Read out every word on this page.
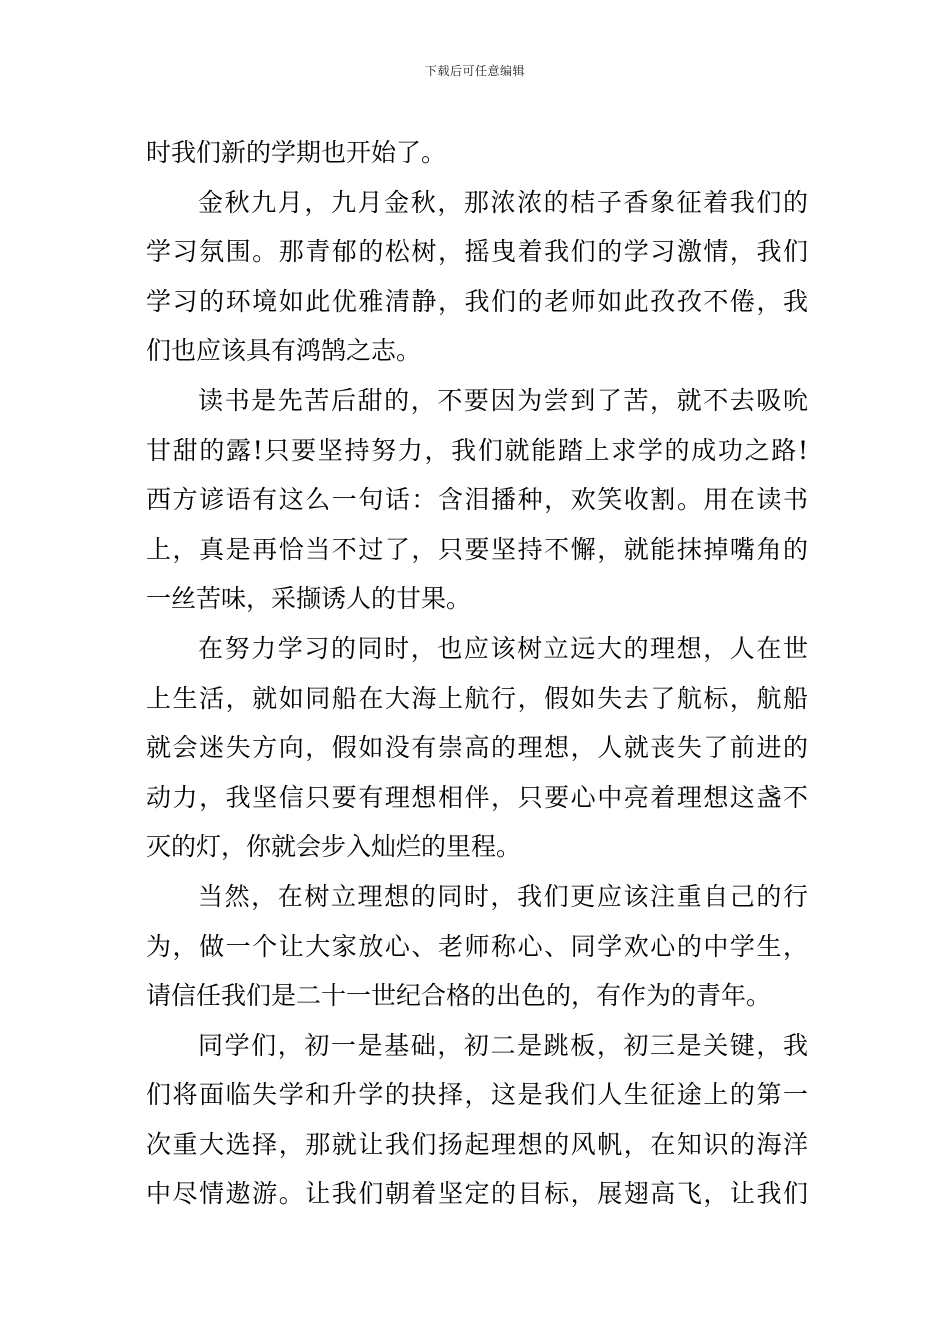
下载后可任意编辑
时我们新的学期也开始了。
金秋九月，九月金秋，那浓浓的桔子香象征着我们的
学习氛围。那青郁的松树，摇曳着我们的学习激情，我们
学习的环境如此优雅清静，我们的老师如此孜孜不倦，我
们也应该具有鸿鹄之志。
读书是先苦后甜的，不要因为尝到了苦，就不去吸吮
甘甜的露!只要坚持努力，我们就能踏上求学的成功之路!
西方谚语有这么一句话：含泪播种，欢笑收割。用在读书
上，真是再恰当不过了，只要坚持不懈，就能抹掉嘴角的
一丝苦味，采撷诱人的甘果。
在努力学习的同时，也应该树立远大的理想，人在世
上生活，就如同船在大海上航行，假如失去了航标，航船
就会迷失方向，假如没有崇高的理想，人就丧失了前进的
动力，我坚信只要有理想相伴，只要心中亮着理想这盏不
灭的灯，你就会步入灿烂的里程。
当然，在树立理想的同时，我们更应该注重自己的行
为，做一个让大家放心、老师称心、同学欢心的中学生，
请信任我们是二十一世纪合格的出色的，有作为的青年。
同学们，初一是基础，初二是跳板，初三是关键，我
们将面临失学和升学的抉择，这是我们人生征途上的第一
次重大选择，那就让我们扬起理想的风帆，在知识的海洋
中尽情遨游。让我们朝着坚定的目标，展翅高飞，让我们
